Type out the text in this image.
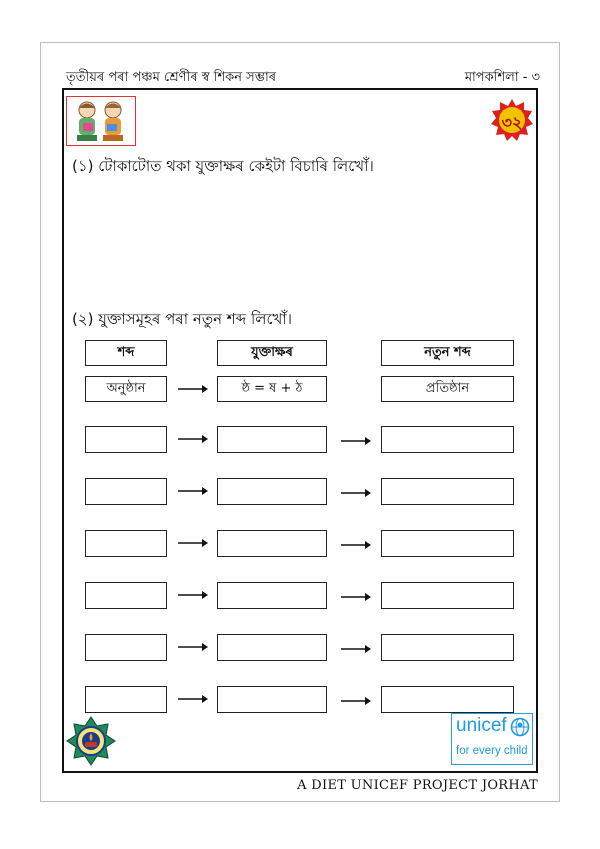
তৃতীয়ৰ পৰা পঞ্চম শ্ৰেণীৰ স্ব শিকন সম্ভাৰ	মাপকশিলা - ৩
৩২
(১) টোকাটোত থকা যুক্তাক্ষৰ কেইটা বিচাৰি লিখোঁ।
(২) যুক্তাসমূহৰ পৰা নতুন শব্দ লিখোঁ।
শব্দ	যুক্তাক্ষৰ	নতুন শব্দ
অনুষ্ঠান	ষ্ঠ = ষ + ঠ	প্ৰতিষ্ঠান
unicef
for every child
A DIET UNICEF PROJECT JORHAT
